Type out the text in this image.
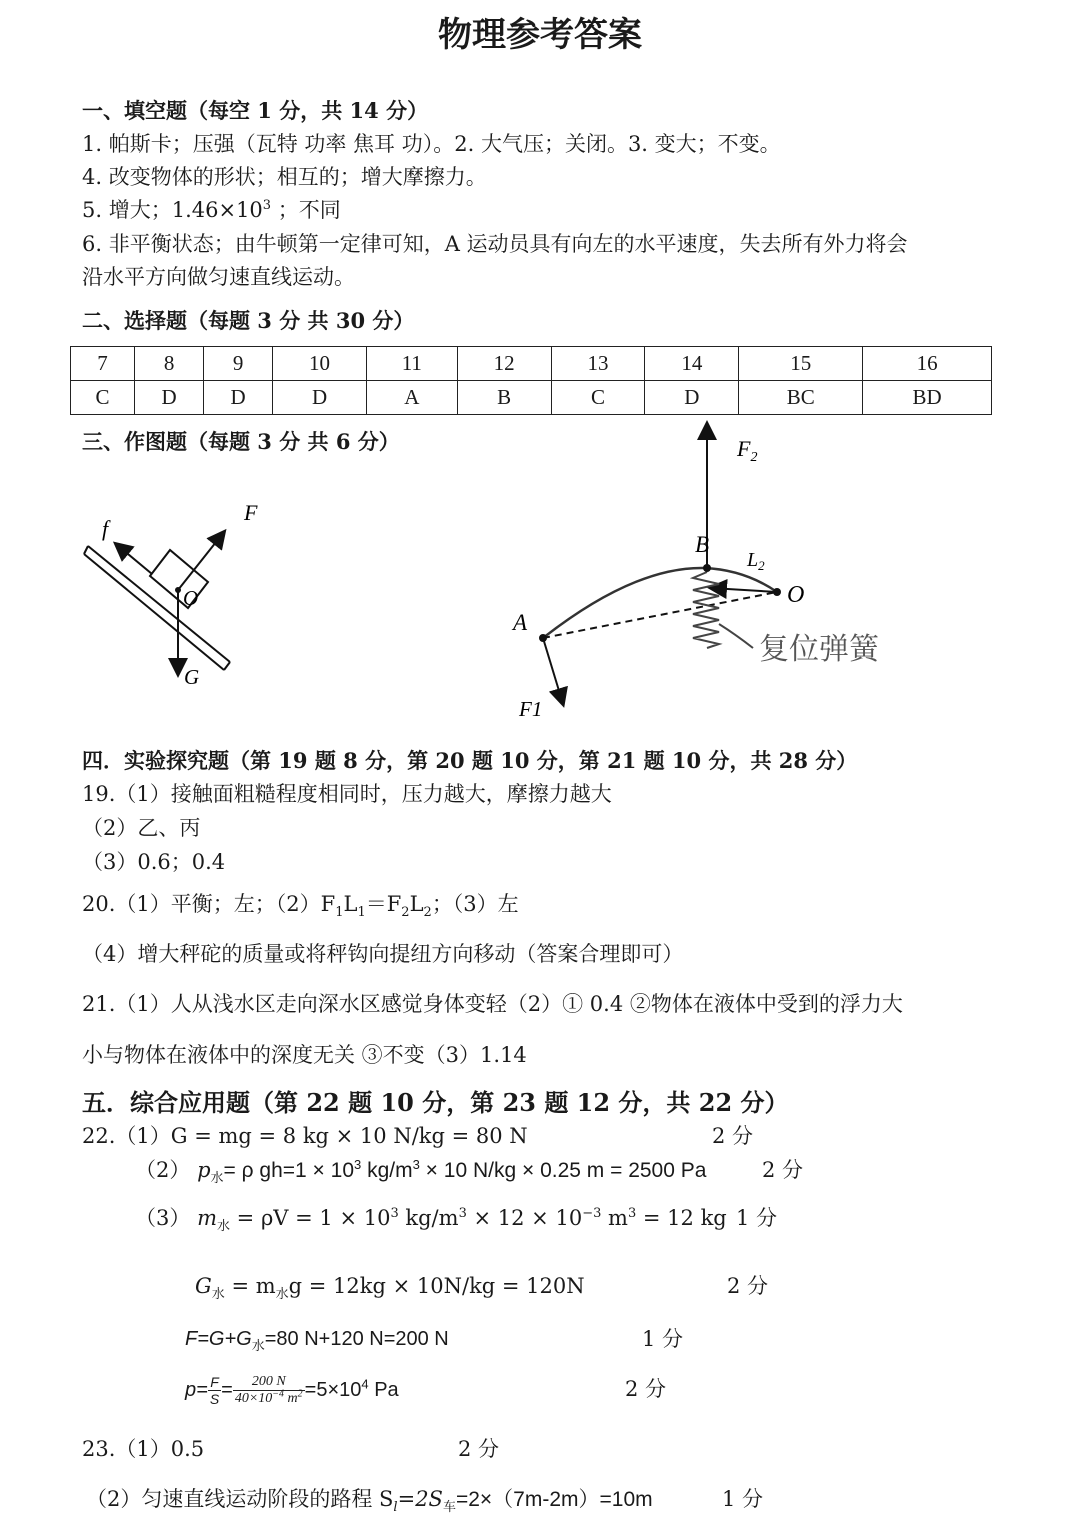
物理参考答案
一、填空题（每空 1 分，共 14 分）
1. 帕斯卡；压强（瓦特 功率 焦耳 功）。2. 大气压；关闭。3. 变大；不变。
4. 改变物体的形状；相互的；增大摩擦力。
5. 增大；$1.46\times 10^3$ ；不同
6. 非平衡状态；由牛顿第一定律可知，A 运动员具有向左的水平速度，失去所有外力将会
沿水平方向做匀速直线运动。
二、选择题（每题 3 分 共 30 分）
7	8	9	10	11	12	13	14	15	16
C	D	D	D	A	B	C	D	BC	BD
三、作图题（每题 3 分 共 6 分）
F
f
O
G
$F_2$
B
$L_2$
O
A
F1
复位弹簧
四．实验探究题（第 19 题 8 分，第 20 题 10 分，第 21 题 10 分，共 28 分）
19.（1）接触面粗糙程度相同时，压力越大，摩擦力越大
（2）乙、丙
（3）0.6；0.4
20.（1）平衡；左；$(2)F_1L_1=F_2L_2$；（3）左
（4）增大秤砣的质量或将秤钩向提纽方向移动（答案合理即可）
21.（1）人从浅水区走向深水区感觉身体变轻（2）① 0.4 ②物体在液体中受到的浮力大
小与物体在液体中的深度无关 ③不变（3）1.14
五．综合应用题（第 22 题 10 分，第 23 题 12 分，共 22 分）
22.（1）G = mg = 8 kg × 10 N/kg = 80 N	2 分
（2） $p_水= \rho$ $gh=1 \times 10^3$ $kg/m^3 \times 10$ N/kg × 0.25 m = 2500 Pa	2 分
（3） $m_水 = \rho V = 1 \times 10^3$ $kg/m^3 \times 12 \times 10^{-3}$ $m^3 = 12$ kg 1 分
$G_水 = m_水g = 12kg \times 10N/kg = 120N$	2 分
$F=G+G_水=80$ N+120 N=200 N	1 分
$p= \frac{F}{S} = \frac{200 N}{40\times 10^{-4} m^2} =5\times 10^4$ Pa	2 分
23.（1）0.5	2 分
（2）匀速直线运动阶段的路程 $S_l=2S_车=2\times(7m-2m)=10m$	1 分
